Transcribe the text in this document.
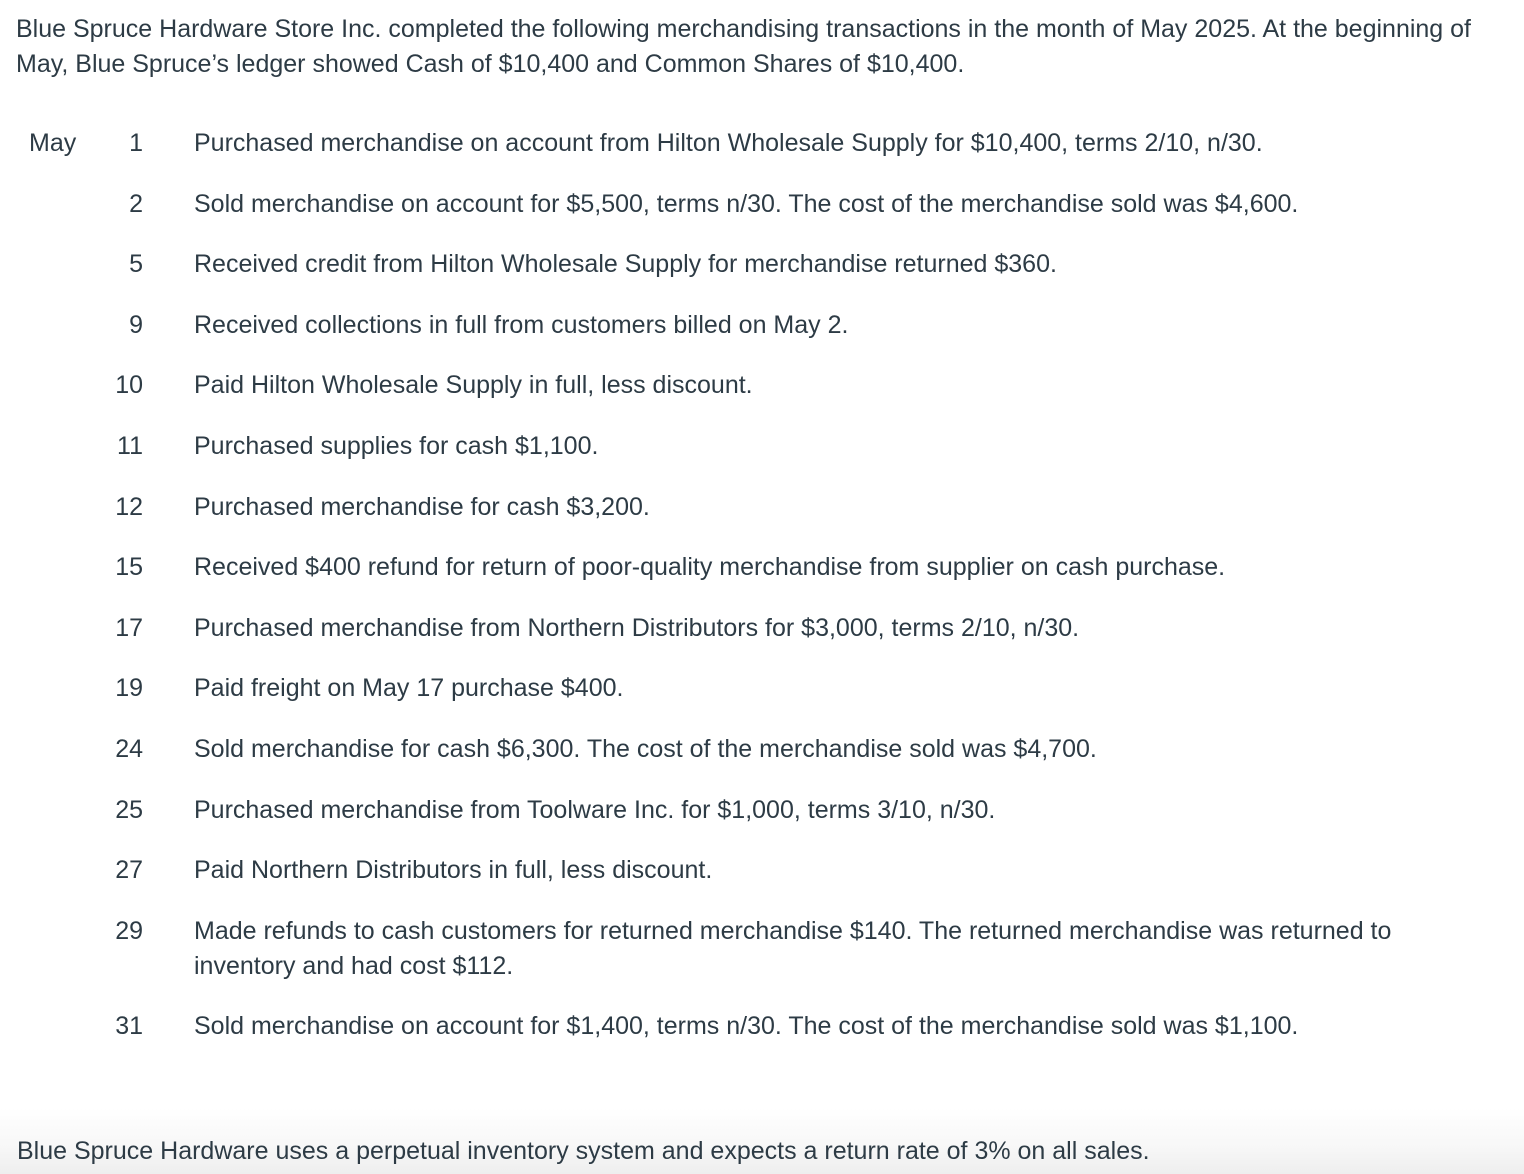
Blue Spruce Hardware Store Inc. completed the following merchandising transactions in the month of May 2025. At the beginning of May, Blue Spruce’s ledger showed Cash of $10,400 and Common Shares of $10,400.

May	1	Purchased merchandise on account from Hilton Wholesale Supply for $10,400, terms 2/10, n/30.
	2	Sold merchandise on account for $5,500, terms n/30. The cost of the merchandise sold was $4,600.
	5	Received credit from Hilton Wholesale Supply for merchandise returned $360.
	9	Received collections in full from customers billed on May 2.
	10	Paid Hilton Wholesale Supply in full, less discount.
	11	Purchased supplies for cash $1,100.
	12	Purchased merchandise for cash $3,200.
	15	Received $400 refund for return of poor-quality merchandise from supplier on cash purchase.
	17	Purchased merchandise from Northern Distributors for $3,000, terms 2/10, n/30.
	19	Paid freight on May 17 purchase $400.
	24	Sold merchandise for cash $6,300. The cost of the merchandise sold was $4,700.
	25	Purchased merchandise from Toolware Inc. for $1,000, terms 3/10, n/30.
	27	Paid Northern Distributors in full, less discount.
	29	Made refunds to cash customers for returned merchandise $140. The returned merchandise was returned to inventory and had cost $112.
	31	Sold merchandise on account for $1,400, terms n/30. The cost of the merchandise sold was $1,100.

Blue Spruce Hardware uses a perpetual inventory system and expects a return rate of 3% on all sales.
